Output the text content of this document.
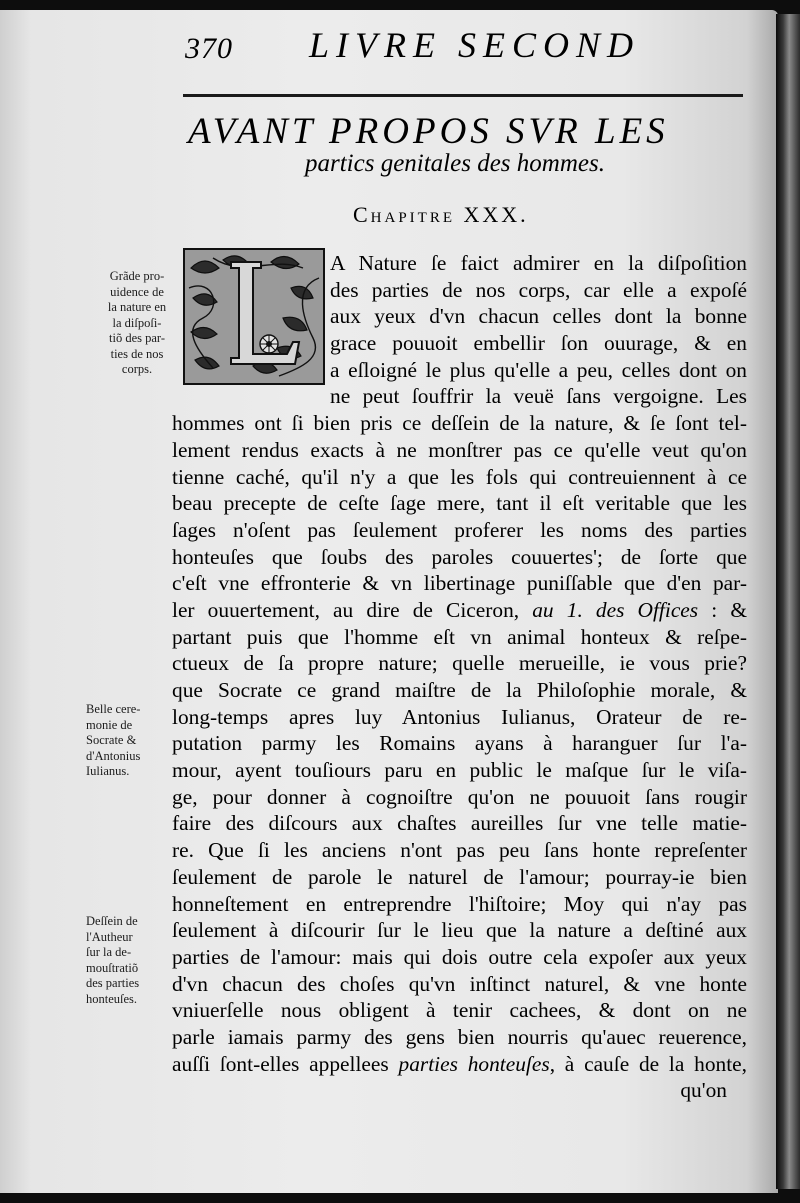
370 LIVRE SECOND
AVANT PROPOS SVR LES
partics genitales des hommes.
Chapitre XXX.
A Nature ſe faict admirer en la diſpoſition
des parties de nos corps, car elle a expoſé
aux yeux d'vn chacun celles dont la bonne
grace pouuoit embellir ſon ouurage, & en
a eſloigné le plus qu'elle a peu, celles dont on
ne peut ſouffrir la veuë ſans vergoigne. Les
hommes ont ſi bien pris ce deſſein de la nature, & ſe ſont tel-
lement rendus exacts à ne monſtrer pas ce qu'elle veut qu'on
tienne caché, qu'il n'y a que les fols qui contreuiennent à ce
beau precepte de ceſte ſage mere, tant il eſt veritable que les
ſages n'oſent pas ſeulement proferer les noms des parties
honteuſes que ſoubs des paroles couuertes'; de ſorte que
c'eſt vne effronterie & vn libertinage puniſſable que d'en par-
ler ouuertement, au dire de Ciceron, au 1. des Offices : &
partant puis que l'homme eſt vn animal honteux & reſpe-
ctueux de ſa propre nature; quelle merueille, ie vous prie?
que Socrate ce grand maiſtre de la Philoſophie morale, &
long-temps apres luy Antonius Iulianus, Orateur de re-
putation parmy les Romains ayans à haranguer ſur l'a-
mour, ayent touſiours paru en public le maſque ſur le viſa-
ge, pour donner à cognoiſtre qu'on ne pouuoit ſans rougir
faire des diſcours aux chaſtes aureilles ſur vne telle matie-
re. Que ſi les anciens n'ont pas peu ſans honte repreſenter
ſeulement de parole le naturel de l'amour; pourray-ie bien
honneſtement en entreprendre l'hiſtoire; Moy qui n'ay pas
ſeulement à diſcourir ſur le lieu que la nature a deſtiné aux
parties de l'amour: mais qui dois outre cela expoſer aux yeux
d'vn chacun des choſes qu'vn inſtinct naturel, & vne honte
vniuerſelle nous obligent à tenir cachees, & dont on ne
parle iamais parmy des gens bien nourris qu'auec reuerence,
auſſi ſont-elles appellees parties honteuſes, à cauſe de la honte,
qu'on
Grãde pro-
uidence de
la nature en
la diſpoſi-
tiõ des par-
ties de nos
corps.
Belle cere-
monie de
Socrate &
d'Antonius
Iulianus.
Deſſein de
l'Autheur
ſur la de-
mouſtratiõ
des parties
honteuſes.
